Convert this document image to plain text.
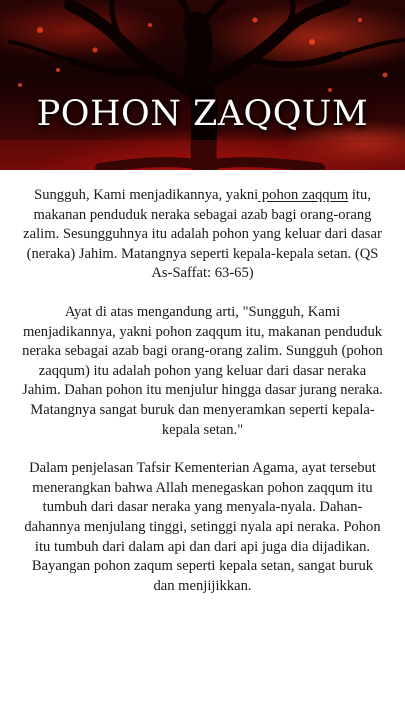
POHON ZAQQUM

Sungguh, Kami menjadikannya, yakni pohon zaqqum itu, makanan penduduk neraka sebagai azab bagi orang-orang zalim. Sesungguhnya itu adalah pohon yang keluar dari dasar (neraka) Jahim. Matangnya seperti kepala-kepala setan. (QS As-Saffat: 63-65)

Ayat di atas mengandung arti, "Sungguh, Kami menjadikannya, yakni pohon zaqqum itu, makanan penduduk neraka sebagai azab bagi orang-orang zalim. Sungguh (pohon zaqqum) itu adalah pohon yang keluar dari dasar neraka Jahim. Dahan pohon itu menjulur hingga dasar jurang neraka. Matangnya sangat buruk dan menyeramkan seperti kepala-kepala setan."

Dalam penjelasan Tafsir Kementerian Agama, ayat tersebut menerangkan bahwa Allah menegaskan pohon zaqqum itu tumbuh dari dasar neraka yang menyala-nyala. Dahan-dahannya menjulang tinggi, setinggi nyala api neraka. Pohon itu tumbuh dari dalam api dan dari api juga dia dijadikan. Bayangan pohon zaqum seperti kepala setan, sangat buruk dan menjijikkan.
